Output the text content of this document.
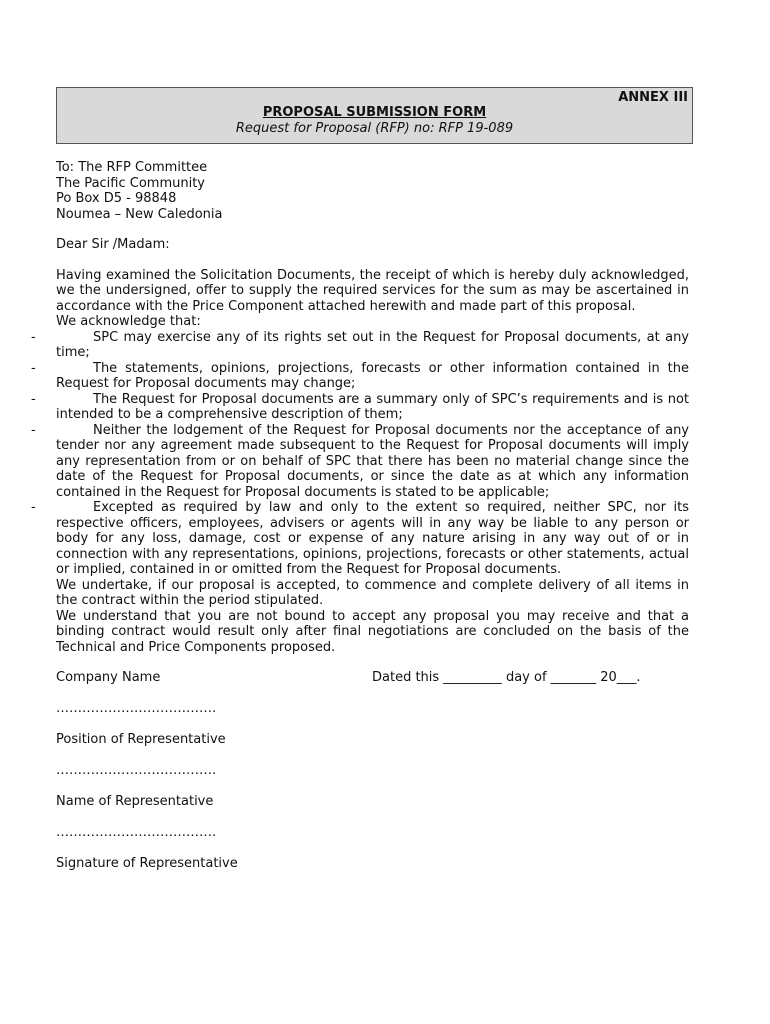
ANNEX III
PROPOSAL SUBMISSION FORM
Request for Proposal (RFP) no: RFP 19-089

To: The RFP Committee

The Pacific Community

Po Box D5 - 98848

Noumea – New Caledonia

Dear Sir /Madam:

Having examined the Solicitation Documents, the receipt of which is hereby duly acknowledged, we the undersigned, offer to supply the required services for the sum as may be ascertained in accordance with the Price Component attached herewith and made part of this proposal.

We acknowledge that:

-	SPC may exercise any of its rights set out in the Request for Proposal documents, at any time;
-	The statements, opinions, projections, forecasts or other information contained in the Request for Proposal documents may change;
-	The Request for Proposal documents are a summary only of SPC’s requirements and is not intended to be a comprehensive description of them;
-	Neither the lodgement of the Request for Proposal documents nor the acceptance of any tender nor any agreement made subsequent to the Request for Proposal documents will imply any representation from or on behalf of SPC that there has been no material change since the date of the Request for Proposal documents, or since the date as at which any information contained in the Request for Proposal documents is stated to be applicable;
-	Excepted as required by law and only to the extent so required, neither SPC, nor its respective officers, employees, advisers or agents will in any way be liable to any person or body for any loss, damage, cost or expense of any nature arising in any way out of or in connection with any representations, opinions, projections, forecasts or other statements, actual or implied, contained in or omitted from the Request for Proposal documents.

We undertake, if our proposal is accepted, to commence and complete delivery of all items in the contract within the period stipulated.

We understand that you are not bound to accept any proposal you may receive and that a binding contract would result only after final negotiations are concluded on the basis of the Technical and Price Components proposed.

Company Name	Dated this _________ day of _______ 20___.

……………………………….

Position of Representative

……………………………….

Name of Representative

……………………………….

Signature of Representative
